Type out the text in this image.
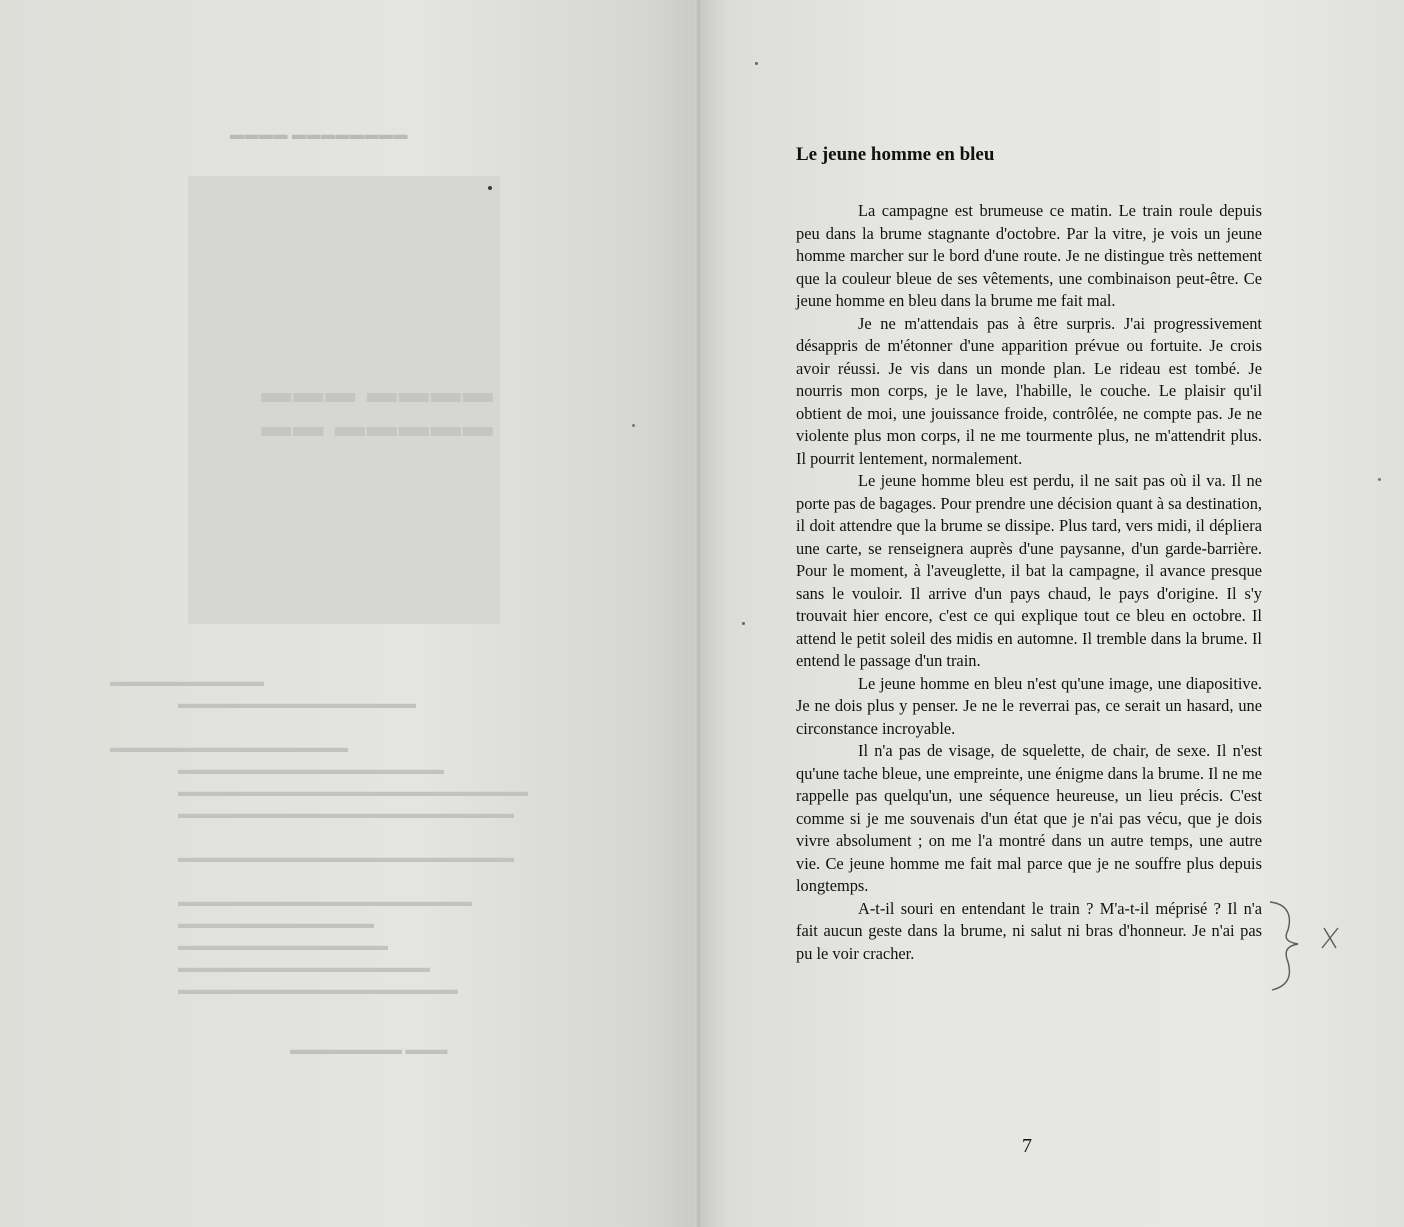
▬▬▬▬ ▬▬▬▬▬▬▬▬
▬▬▬ ▬▬▬▬
▬▬ ▬▬▬▬▬
▬▬▬▬▬▬▬▬▬▬▬
▬▬▬▬▬▬▬▬▬▬▬▬▬▬▬▬▬

▬▬▬▬▬▬▬▬▬▬▬▬▬▬▬▬▬
▬▬▬▬▬▬▬▬▬▬▬▬▬▬▬▬▬▬▬
▬▬▬▬▬▬▬▬▬▬▬▬▬▬▬▬▬▬▬▬▬▬▬▬▬
▬▬▬▬▬▬▬▬▬▬▬▬▬▬▬▬▬▬▬▬▬▬▬▬

▬▬▬▬▬▬▬▬▬▬▬▬▬▬▬▬▬▬▬▬▬▬▬▬

▬▬▬▬▬▬▬▬▬▬▬▬▬▬▬▬▬▬▬▬▬
▬▬▬▬▬▬▬▬▬▬▬▬▬▬
▬▬▬▬▬▬▬▬▬▬▬▬▬▬▬
▬▬▬▬▬▬▬▬▬▬▬▬▬▬▬▬▬▬
▬▬▬▬▬▬▬▬▬▬▬▬▬▬▬▬▬▬▬▬
▬▬▬▬▬▬▬▬ ▬▬▬
Le jeune homme en bleu

La campagne est brumeuse ce matin. Le train roule depuis peu dans la brume stagnante d'octobre. Par la vitre, je vois un jeune homme marcher sur le bord d'une route. Je ne distingue très nettement que la couleur bleue de ses vêtements, une combinaison peut-être. Ce jeune homme en bleu dans la brume me fait mal.

Je ne m'attendais pas à être surpris. J'ai progressivement désappris de m'étonner d'une apparition prévue ou fortuite. Je crois avoir réussi. Je vis dans un monde plan. Le rideau est tombé. Je nourris mon corps, je le lave, l'habille, le couche. Le plaisir qu'il obtient de moi, une jouissance froide, contrôlée, ne compte pas. Je ne violente plus mon corps, il ne me tourmente plus, ne m'attendrit plus. Il pourrit lentement, normalement.

Le jeune homme bleu est perdu, il ne sait pas où il va. Il ne porte pas de bagages. Pour prendre une décision quant à sa destination, il doit attendre que la brume se dissipe. Plus tard, vers midi, il dépliera une carte, se renseignera auprès d'une paysanne, d'un garde-barrière. Pour le moment, à l'aveuglette, il bat la campagne, il avance presque sans le vouloir. Il arrive d'un pays chaud, le pays d'origine. Il s'y trouvait hier encore, c'est ce qui explique tout ce bleu en octobre. Il attend le petit soleil des midis en automne. Il tremble dans la brume. Il entend le passage d'un train.

Le jeune homme en bleu n'est qu'une image, une diapositive. Je ne dois plus y penser. Je ne le reverrai pas, ce serait un hasard, une circonstance incroyable.

Il n'a pas de visage, de squelette, de chair, de sexe. Il n'est qu'une tache bleue, une empreinte, une énigme dans la brume. Il ne me rappelle pas quelqu'un, une séquence heureuse, un lieu précis. C'est comme si je me souvenais d'un état que je n'ai pas vécu, que je dois vivre absolument ; on me l'a montré dans un autre temps, une autre vie. Ce jeune homme me fait mal parce que je ne souffre plus depuis longtemps.

A-t-il souri en entendant le train ? M'a-t-il méprisé ? Il n'a fait aucun geste dans la brume, ni salut ni bras d'honneur. Je n'ai pas pu le voir cracher.

7
